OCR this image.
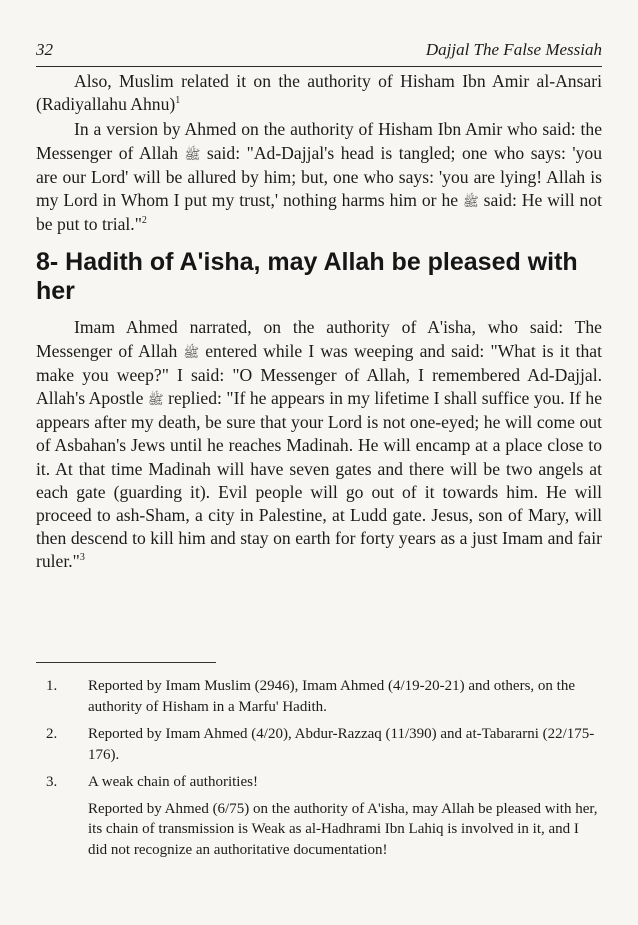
32	Dajjal The False Messiah

Also, Muslim related it on the authority of Hisham Ibn Amir al-Ansari (Radiyallahu Ahnu)$^1$

In a version by Ahmed on the authority of Hisham Ibn Amir who said: the Messenger of Allah ﷺ said: "Ad-Dajjal's head is tangled; one who says: 'you are our Lord' will be allured by him; but, one who says: 'you are lying! Allah is my Lord in Whom I put my trust,' nothing harms him or he ﷺ said: He will not be put to trial."$^2$

8- Hadith of A'isha, may Allah be pleased with her

Imam Ahmed narrated, on the authority of A'isha, who said: The Messenger of Allah ﷺ entered while I was weeping and said: "What is it that make you weep?" I said: "O Messenger of Allah, I remembered Ad-Dajjal. Allah's Apostle ﷺ replied: "If he appears in my lifetime I shall suffice you. If he appears after my death, be sure that your Lord is not one-eyed; he will come out of Asbahan's Jews until he reaches Madinah. He will encamp at a place close to it. At that time Madinah will have seven gates and there will be two angels at each gate (guarding it). Evil people will go out of it towards him. He will proceed to ash-Sham, a city in Palestine, at Ludd gate. Jesus, son of Mary, will then descend to kill him and stay on earth for forty years as a just Imam and fair ruler."$^3$

1. Reported by Imam Muslim (2946), Imam Ahmed (4/19-20-21) and others, on the authority of Hisham in a Marfu' Hadith.
2. Reported by Imam Ahmed (4/20), Abdur-Razzaq (11/390) and at-Tabararni (22/175-176).
3. A weak chain of authorities!
Reported by Ahmed (6/75) on the authority of A'isha, may Allah be pleased with her, its chain of transmission is Weak as al-Hadhrami Ibn Lahiq is involved in it, and I did not recognize an authoritative documentation!
